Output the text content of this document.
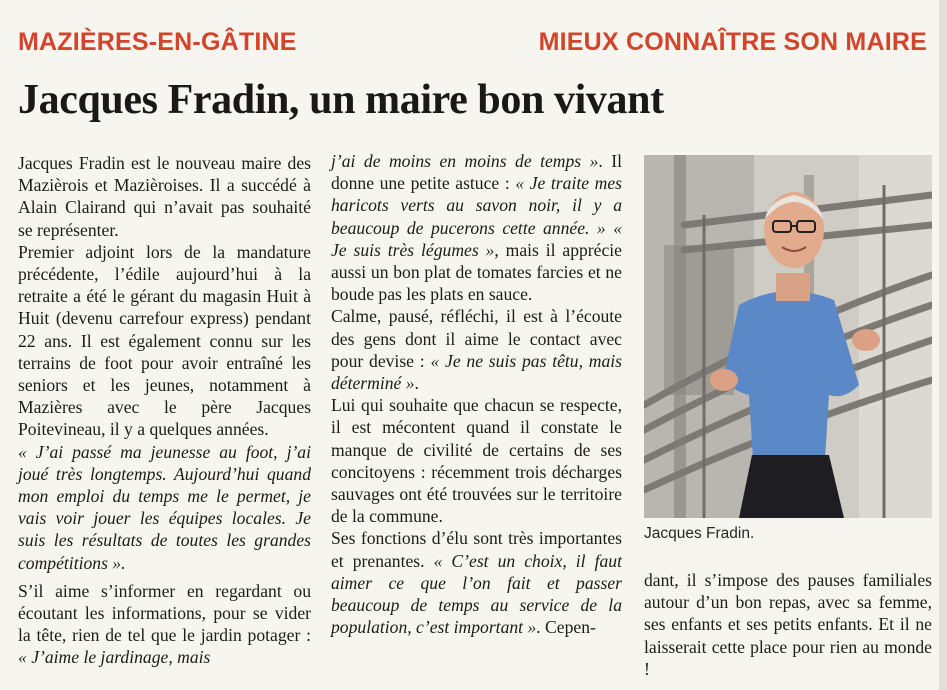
MAZIÈRES-EN-GÂTINE	MIEUX CONNAÎTRE SON MAIRE
Jacques Fradin, un maire bon vivant

Jacques Fradin est le nouveau maire des Mazièrois et Mazièroises. Il a succédé à Alain Clairand qui n’avait pas souhaité se représenter.

Premier adjoint lors de la mandature précédente, l’édile aujourd’hui à la retraite a été le gérant du magasin Huit à Huit (devenu carrefour express) pendant 22 ans. Il est également connu sur les terrains de foot pour avoir entraîné les seniors et les jeunes, notamment à Mazières avec le père Jacques Poitevineau, il y a quelques années.

« J’ai passé ma jeunesse au foot, j’ai joué très longtemps. Aujourd’hui quand mon emploi du temps me le permet, je vais voir jouer les équipes locales. Je suis les résultats de toutes les grandes compétitions ».

S’il aime s’informer en regardant ou écoutant les informations, pour se vider la tête, rien de tel que le jardin potager : « J’aime le jardinage, mais

j’ai de moins en moins de temps ». Il donne une petite astuce : « Je traite mes haricots verts au savon noir, il y a beaucoup de pucerons cette année. » « Je suis très légumes », mais il apprécie aussi un bon plat de tomates farcies et ne boude pas les plats en sauce.

Calme, pausé, réfléchi, il est à l’écoute des gens dont il aime le contact avec pour devise : « Je ne suis pas têtu, mais déterminé ».

Lui qui souhaite que chacun se respecte, il est mécontent quand il constate le manque de civilité de certains de ses concitoyens : récemment trois décharges sauvages ont été trouvées sur le territoire de la commune.

Ses fonctions d’élu sont très importantes et prenantes. « C’est un choix, il faut aimer ce que l’on fait et passer beaucoup de temps au service de la population, c’est important ». Cepen-

Jacques Fradin.

dant, il s’impose des pauses familiales autour d’un bon repas, avec sa femme, ses enfants et ses petits enfants. Et il ne laisserait cette place pour rien au monde !
